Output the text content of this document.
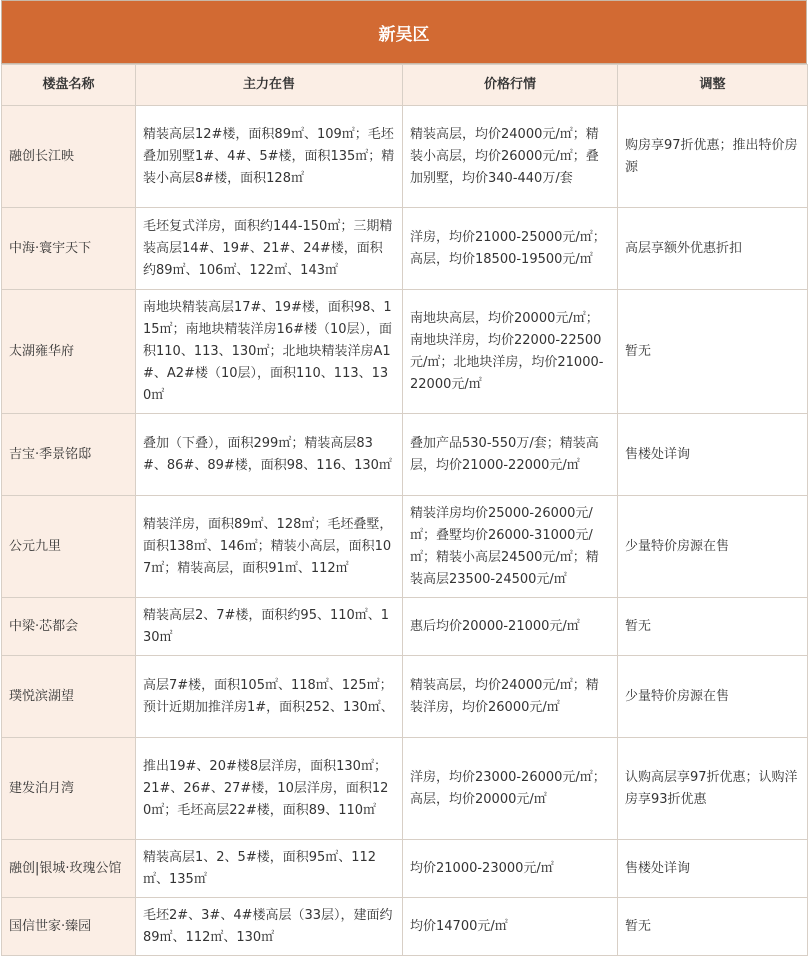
新吴区
楼盘名称	主力在售	价格行情	调整
融创长江映	精装高层12#楼，面积89㎡、109㎡；毛坯叠加别墅1#、4#、5#楼，面积135㎡；精装小高层8#楼，面积128㎡	精装高层，均价24000元/㎡；精装小高层，均价26000元/㎡；叠加别墅，均价340-440万/套	购房享97折优惠；推出特价房源
中海·寰宇天下	毛坯复式洋房，面积约144-150㎡；三期精装高层14#、19#、21#、24#楼，面积约89㎡、106㎡、122㎡、143㎡	洋房，均价21000-25000元/㎡；高层，均价18500-19500元/㎡	高层享额外优惠折扣
太湖雍华府	南地块精装高层17#、19#楼，面积98、115㎡；南地块精装洋房16#楼（10层），面积110、113、130㎡；北地块精装洋房A1#、A2#楼（10层），面积110、113、130㎡	南地块高层，均价20000元/㎡；南地块洋房，均价22000-22500元/㎡；北地块洋房，均价21000-22000元/㎡	暂无
吉宝·季景铭邸	叠加（下叠），面积299㎡；精装高层83#、86#、89#楼，面积98、116、130㎡	叠加产品530-550万/套；精装高层，均价21000-22000元/㎡	售楼处详询
公元九里	精装洋房，面积89㎡、128㎡；毛坯叠墅，面积138㎡、146㎡；精装小高层，面积107㎡；精装高层，面积91㎡、112㎡	精装洋房均价25000-26000元/㎡；叠墅均价26000-31000元/㎡；精装小高层24500元/㎡；精装高层23500-24500元/㎡	少量特价房源在售
中梁·芯都会	精装高层2、7#楼，面积约95、110㎡、130㎡	惠后均价20000-21000元/㎡	暂无
璞悦滨湖望	高层7#楼，面积105㎡、118㎡、125㎡；预计近期加推洋房1#，面积252、130㎡、	精装高层，均价24000元/㎡；精装洋房，均价26000元/㎡	少量特价房源在售
建发泊月湾	推出19#、20#楼8层洋房，面积130㎡；21#、26#、27#楼，10层洋房，面积120㎡；毛坯高层22#楼，面积89、110㎡	洋房，均价23000-26000元/㎡；高层，均价20000元/㎡	认购高层享97折优惠；认购洋房享93折优惠
融创|银城·玫瑰公馆	精装高层1、2、5#楼，面积95㎡、112㎡、135㎡	均价21000-23000元/㎡	售楼处详询
国信世家·臻园	毛坯2#、3#、4#楼高层（33层），建面约89㎡、112㎡、130㎡	均价14700元/㎡	暂无
